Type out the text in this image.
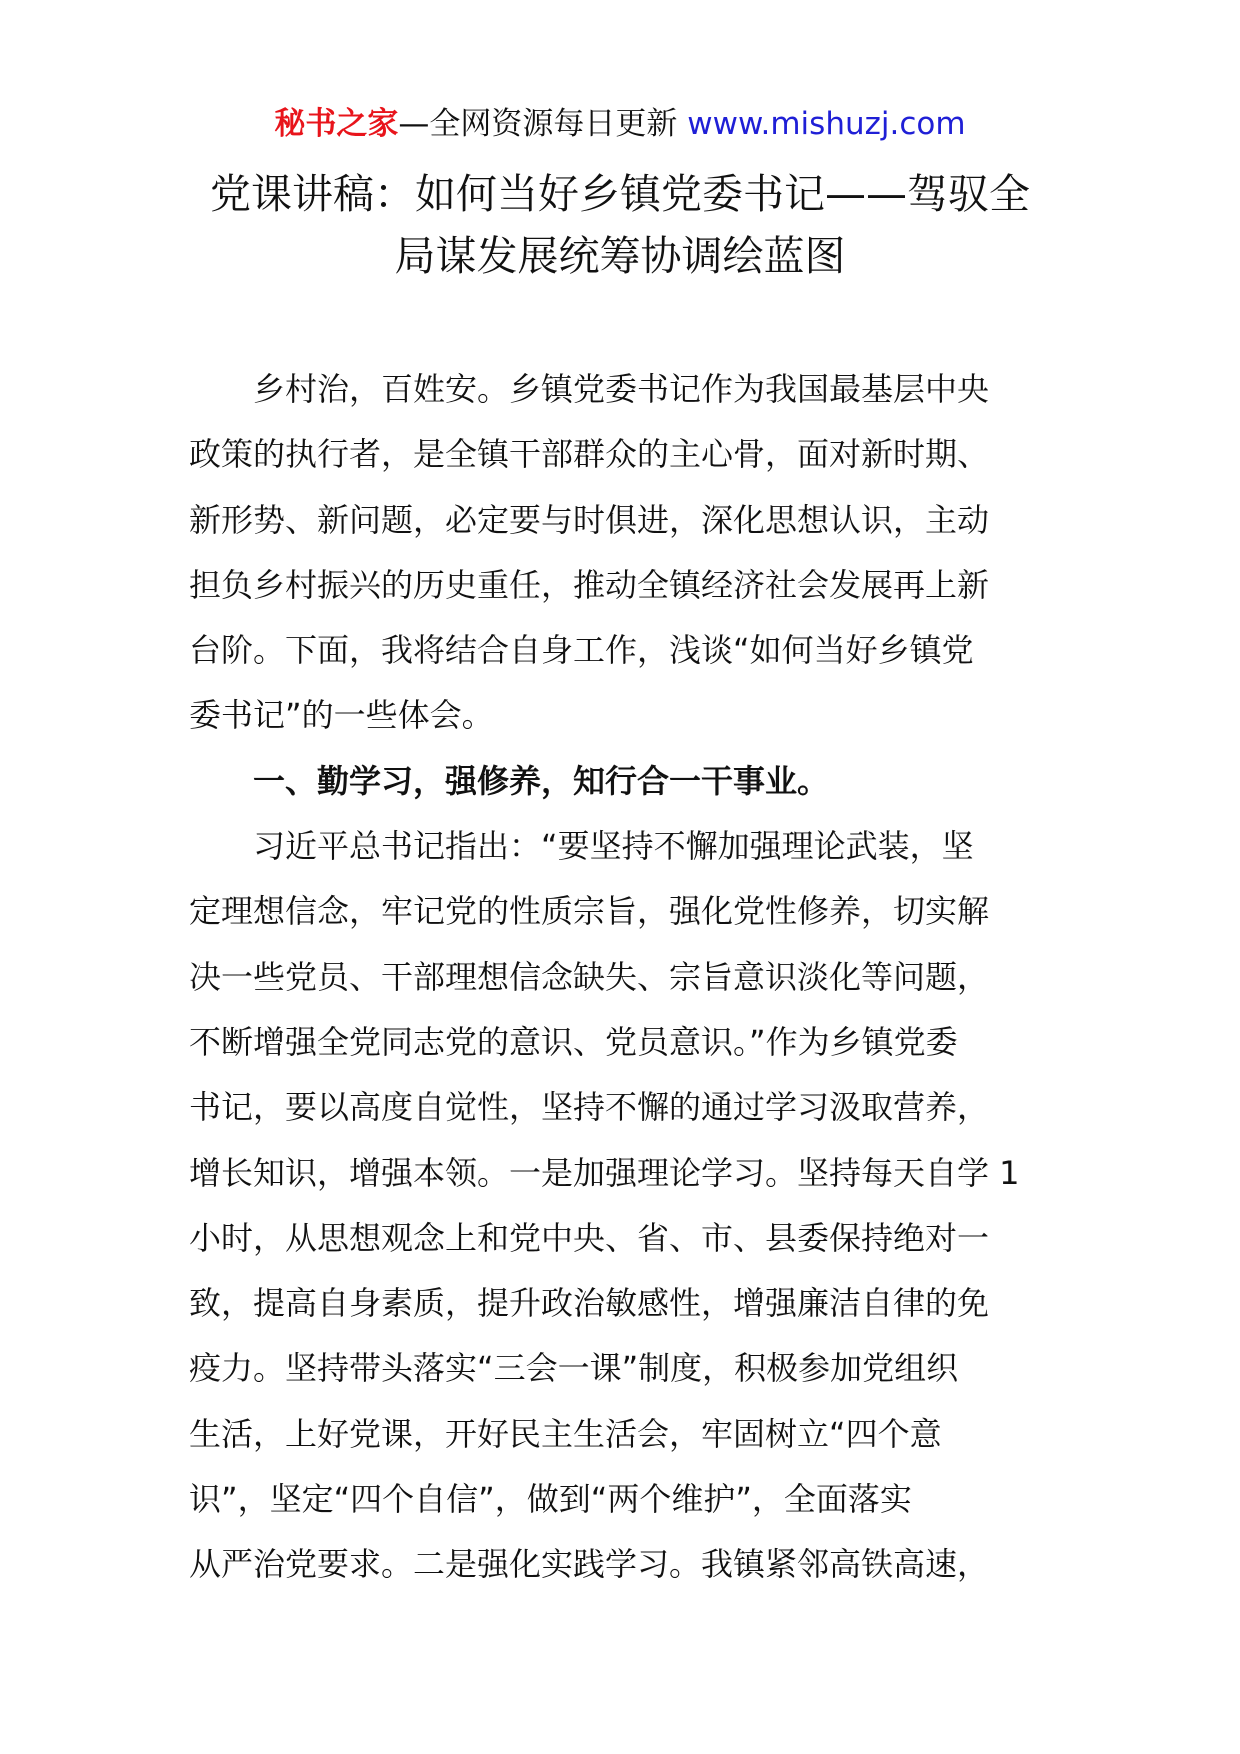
秘书之家—全网资源每日更新 www.mishuzj.com
党课讲稿：如何当好乡镇党委书记——驾驭全
局谋发展统筹协调绘蓝图

乡村治，百姓安。乡镇党委书记作为我国最基层中央
政策的执行者，是全镇干部群众的主心骨，面对新时期、
新形势、新问题，必定要与时俱进，深化思想认识，主动
担负乡村振兴的历史重任，推动全镇经济社会发展再上新
台阶。下面，我将结合自身工作，浅谈“如何当好乡镇党
委书记”的一些体会。

一、勤学习，强修养，知行合一干事业。

习近平总书记指出：“要坚持不懈加强理论武装，坚
定理想信念，牢记党的性质宗旨，强化党性修养，切实解
决一些党员、干部理想信念缺失、宗旨意识淡化等问题，
不断增强全党同志党的意识、党员意识。”作为乡镇党委
书记，要以高度自觉性，坚持不懈的通过学习汲取营养，
增长知识，增强本领。一是加强理论学习。坚持每天自学 1
小时，从思想观念上和党中央、省、市、县委保持绝对一
致，提高自身素质，提升政治敏感性，增强廉洁自律的免
疫力。坚持带头落实“三会一课”制度，积极参加党组织
生活，上好党课，开好民主生活会，牢固树立“四个意
识”，坚定“四个自信”，做到“两个维护”，全面落实
从严治党要求。二是强化实践学习。我镇紧邻高铁高速，
